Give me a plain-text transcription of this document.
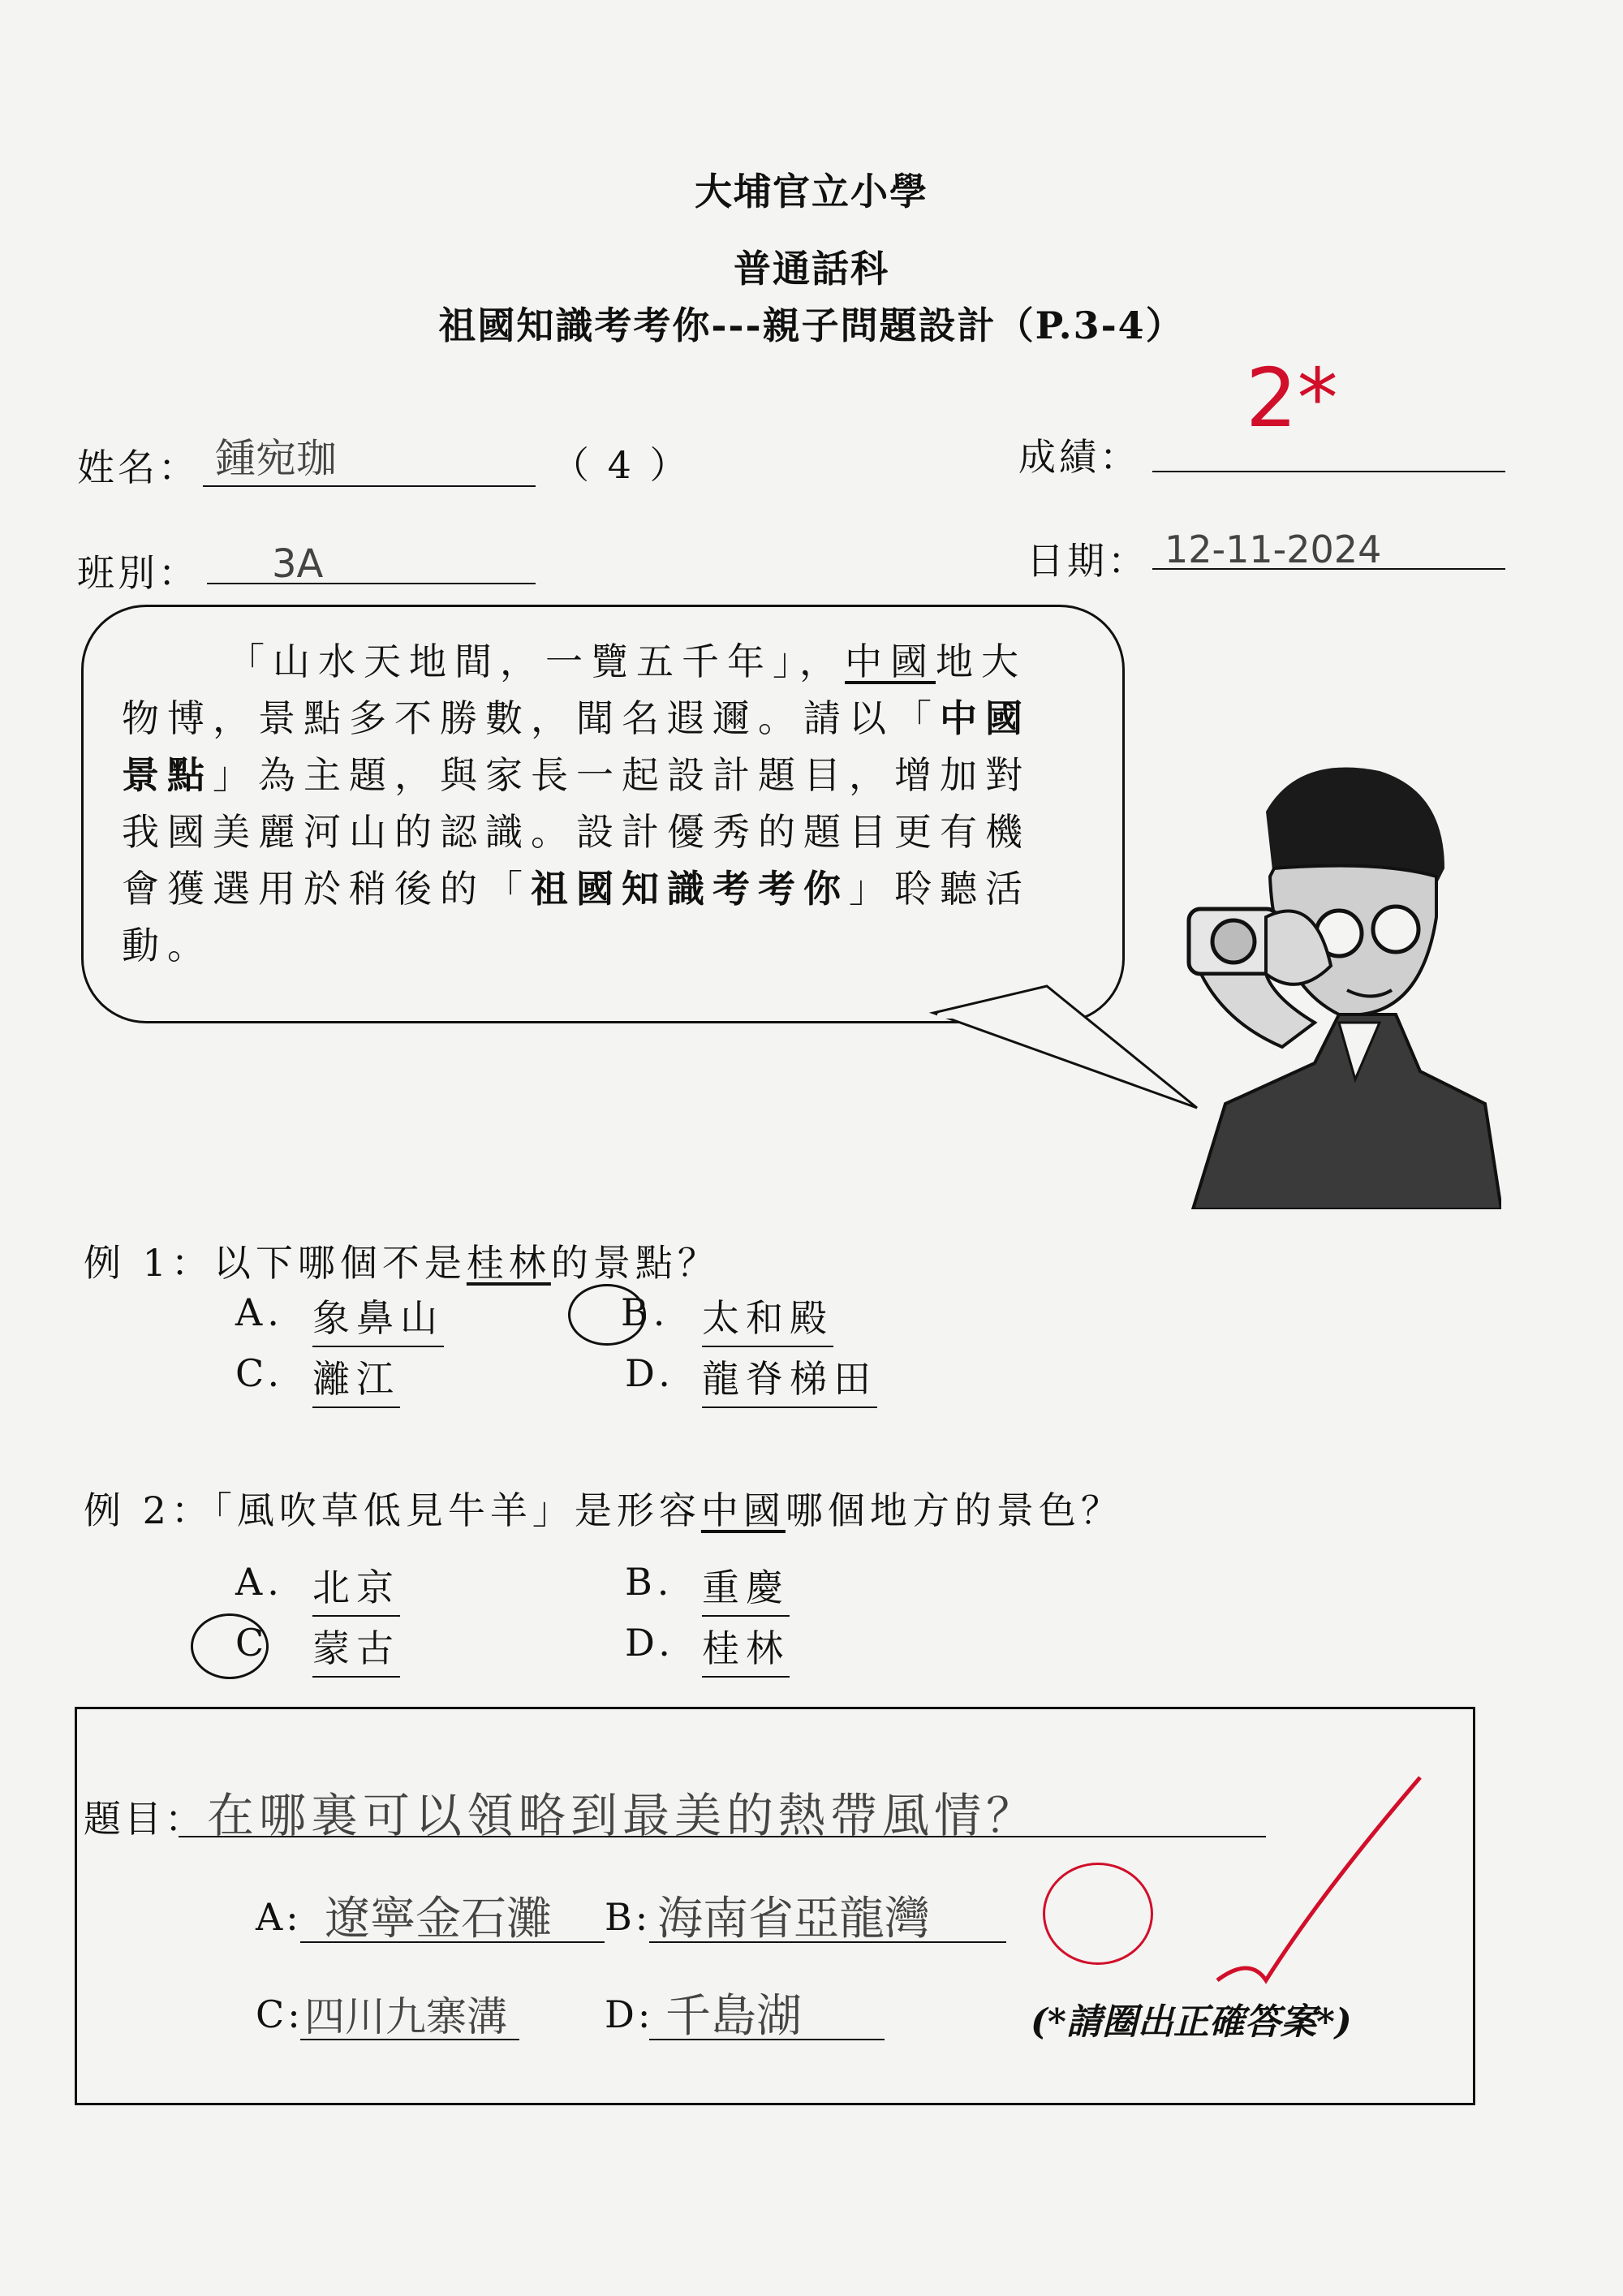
大埔官立小學
普通話科
祖國知識考考你---親子問題設計（P.3-4）
姓名： 鍾宛珈	（ 4 ）	成績：
2*
班別： 3A	日期： 12-11-2024
「山水天地間，一覽五千年」，中國地大
物博，景點多不勝數，聞名遐邇。請以「中國
景點」為主題，與家長一起設計題目，增加對
我國美麗河山的認識。設計優秀的題目更有機
會獲選用於稍後的「祖國知識考考你」聆聽活
動。
例 1：以下哪個不是桂林的景點？
A. 象鼻山	B. 太和殿
C. 灕江	D. 龍脊梯田
例 2：「風吹草低見牛羊」是形容中國哪個地方的景色？
A. 北京	B. 重慶
C 蒙古	D. 桂林
題目： 在哪裏可以領略到最美的熱帶風情？
A: 遼寧金石灘 B: 海南省亞龍灣
C: 四川九寨溝	D: 千島湖	(*請圈出正確答案*)
